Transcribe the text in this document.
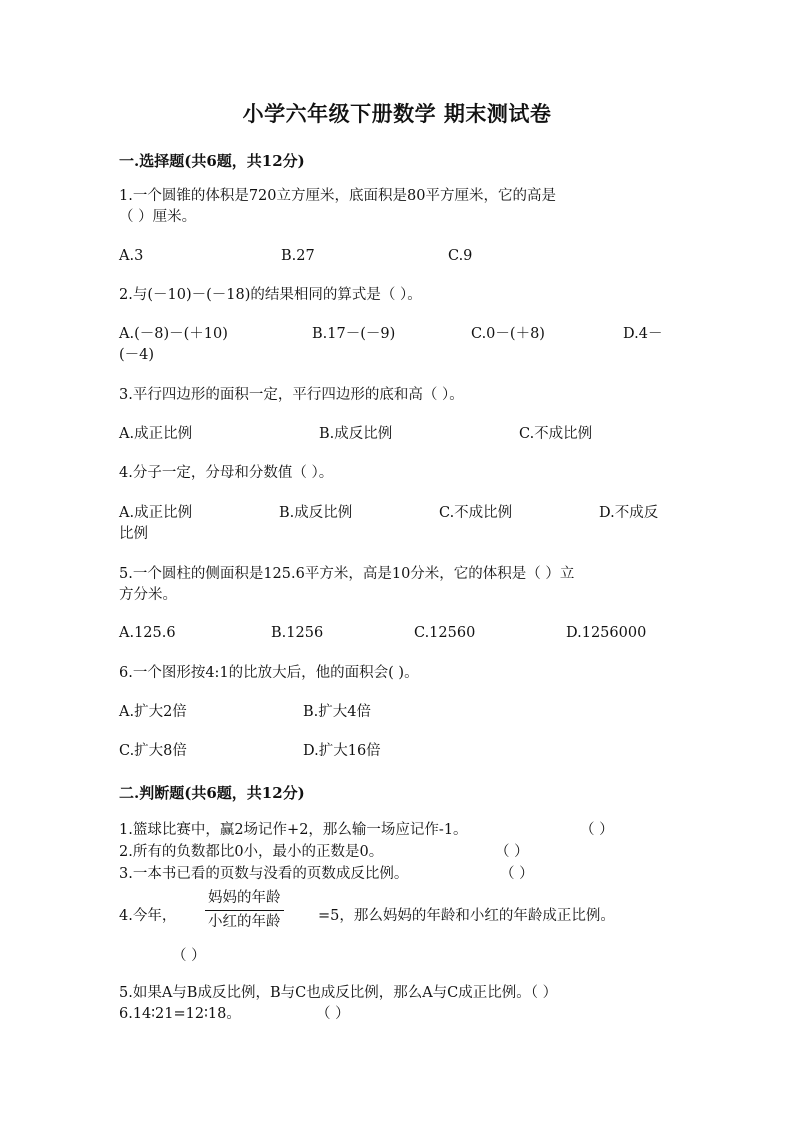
小学六年级下册数学 期末测试卷
一.选择题(共6题，共12分)
1.一个圆锥的体积是720立方厘米，底面积是80平方厘米，它的高是
（ ）厘米。
A.3	B.27	C.9
2.与(－10)－(－18)的结果相同的算式是（ ）。
A.(－8)－(＋10)	B.17－(－9)	C.0－(＋8)	D.4－
(－4)
3.平行四边形的面积一定，平行四边形的底和高（ ）。
A.成正比例	B.成反比例	C.不成比例
4.分子一定，分母和分数值（ ）。
A.成正比例	B.成反比例	C.不成比例	D.不成反
比例
5.一个圆柱的侧面积是125.6平方米，高是10分米，它的体积是（ ）立
方分米。
A.125.6	B.1256	C.12560	D.1256000
6.一个图形按4:1的比放大后，他的面积会( )。
A.扩大2倍	B.扩大4倍
C.扩大8倍	D.扩大16倍
二.判断题(共6题，共12分)
1.篮球比赛中，赢2场记作+2，那么输一场应记作-1。	（ ）
2.所有的负数都比0小，最小的正数是0。	（ ）
3.一本书已看的页数与没看的页数成反比例。	（ ）
4.今年，
妈妈的年龄
小红的年龄	=5，那么妈妈的年龄和小红的年龄成正比例。
（ ）
5.如果A与B成反比例，B与C也成反比例，那么A与C成正比例。（ ）
6.14∶21=12∶18。	（ ）
